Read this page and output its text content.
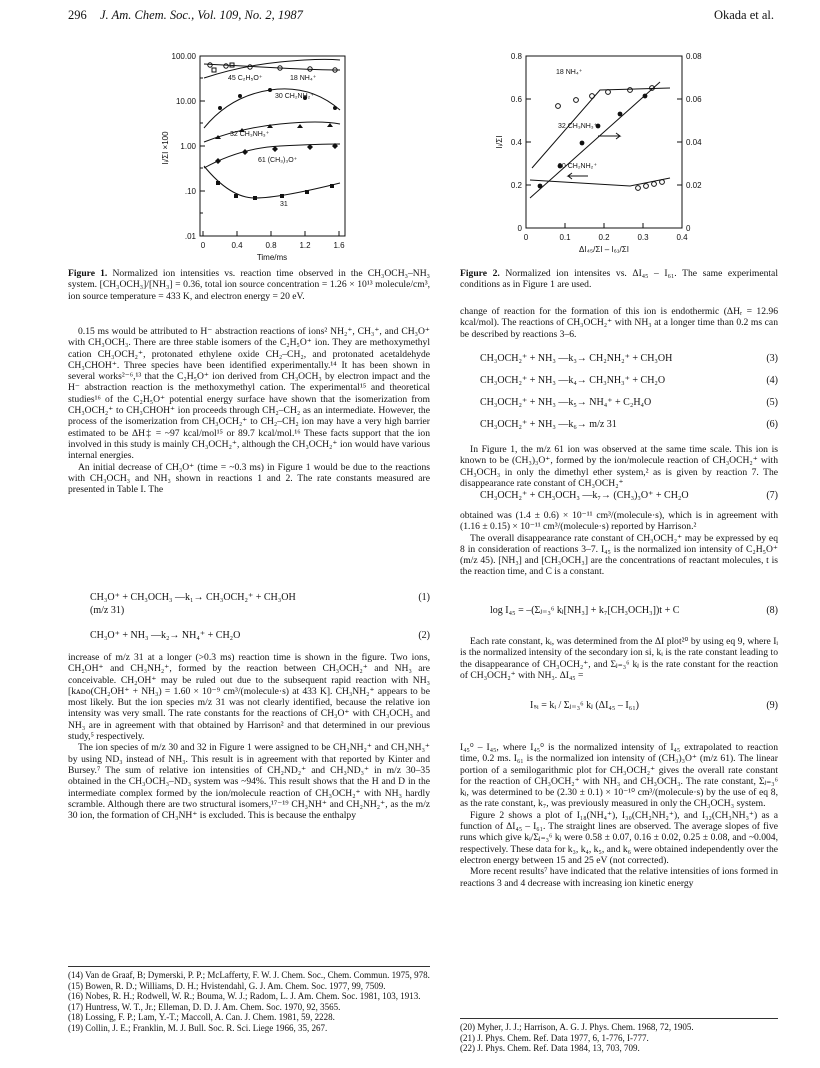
296 J. Am. Chem. Soc., Vol. 109, No. 2, 1987	Okada et al.
100.00
10.00
1.00
.10
.01
0	0.4	0.8	1.2	1.6
Time/ms
Iᵢ/ΣI ×100
45 C₂H₅O⁺	18 NH₄⁺
30 CH₂NH₂⁺
32 CH₃NH₃⁺
61 (CH₃)₃O⁺
31
Figure 1. Normalized ion intensities vs. reaction time observed in the CH₃OCH₃–NH₃ system. [CH₃OCH₃]/[NH₃] = 0.36, total ion source concentration = 1.26 × 10¹³ molecule/cm³, ion source temperature = 433 K, and electron energy = 20 eV.

0.15 ms would be attributed to H⁻ abstraction reactions of ions² NH₂⁺, CH₃⁺, and CH₃O⁺ with CH₃OCH₃. There are three stable isomers of the C₂H₅O⁺ ion. They are methoxymethyl cation CH₃OCH₂⁺, protonated ethylene oxide CH₂–CH₂, and protonated acetaldehyde CH₃CHOH⁺. Three species have been identified experimentally.¹⁴ It has been shown in several works²⁻⁶,¹³ that the C₂H₅O⁺ ion derived from CH₃OCH₃ by electron impact and the H⁻ abstraction reaction is the methoxymethyl cation. The experimental¹⁵ and theoretical studies¹⁶ of the C₂H₅O⁺ potential energy surface have shown that the isomerization from CH₃OCH₂⁺ to CH₃CHOH⁺ ion proceeds through CH₂–CH₂ as an intermediate. However, the process of the isomerization from CH₃OCH₂⁺ to CH₂–CH₂ ion may have a very high barrier estimated to be ΔH‡ = ~97 kcal/mol¹⁵ or 89.7 kcal/mol.¹⁶ These facts support that the ion involved in this study is mainly CH₃OCH₂⁺, although the CH₃OCH₂⁺ ion would have various internal energies.

An initial decrease of CH₃O⁺ (time = ~0.3 ms) in Figure 1 would be due to the reactions with CH₃OCH₃ and NH₃ shown in reactions 1 and 2. The rate constants measured are presented in Table I. The

CH₃O⁺ + CH₃OCH₃ —k₁→ CH₃OCH₂⁺ + CH₃OH	(1)
(m/z 31)
CH₃O⁺ + NH₃ —k₂→ NH₄⁺ + CH₂O	(2)

increase of m/z 31 at a longer (>0.3 ms) reaction time is shown in the figure. Two ions, CH₂OH⁺ and CH₃NH₂⁺, formed by the reaction between CH₃OCH₂⁺ and NH₃ are conceivable. CH₂OH⁺ may be ruled out due to the subsequent rapid reaction with NH₃ [kᴀᴅᴏ(CH₂OH⁺ + NH₃) = 1.60 × 10⁻⁹ cm³/(molecule·s) at 433 K]. CH₃NH₂⁺ appears to be most likely. But the ion species m/z 31 was not clearly identified, because the relative ion intensity was very small. The rate constants for the reactions of CH₃O⁺ with CH₃OCH₃ and NH₃ are in agreement with that obtained by Harrison² and that determined in our previous study,⁵ respectively.

The ion species of m/z 30 and 32 in Figure 1 were assigned to be CH₂NH₂⁺ and CH₃NH₃⁺ by using ND₃ instead of NH₃. This result is in agreement with that reported by Kinter and Bursey.⁷ The sum of relative ion intensities of CH₂ND₂⁺ and CH₃ND₃⁺ in m/z 30–35 obtained in the CH₃OCH₃–ND₃ system was ~94%. This result shows that the H and D in the intermediate complex formed by the ion/molecule reaction of CH₃OCH₂⁺ with NH₃ hardly scramble. Although there are two structural isomers,¹⁷⁻¹⁹ CH₃NH⁺ and CH₂NH₂⁺, as the m/z 30 ion, the formation of CH₃NH⁺ is excluded. This is because the enthalpy

(14) Van de Graaf, B; Dymerski, P. P.; McLafferty, F. W. J. Chem. Soc., Chem. Commun. 1975, 978.
(15) Bowen, R. D.; Williams, D. H.; Hvistendahl, G. J. Am. Chem. Soc. 1977, 99, 7509.
(16) Nobes, R. H.; Rodwell, W. R.; Bouma, W. J.; Radom, L. J. Am. Chem. Soc. 1981, 103, 1913.
(17) Huntress, W. T., Jr.; Elleman, D. D. J. Am. Chem. Soc. 1970, 92, 3565.
(18) Lossing, F. P.; Lam, Y.-T.; Maccoll, A. Can. J. Chem. 1981, 59, 2228.
(19) Collin, J. E.; Franklin, M. J. Bull. Soc. R. Sci. Liege 1966, 35, 267.
0.8
0.6
0.4
0.2
0
0.08
0.06
0.04
0.02
0
0	0.1	0.2	0.3	0.4
ΔI₄₅/ΣI – I₆₁/ΣI
Iᵢ/ΣI
18 NH₄⁺
32 CH₃NH₃⁺
30 CH₂NH₂⁺
Figure 2. Normalized ion intensites vs. ΔI₄₅ – I₆₁. The same experimental conditions as in Figure 1 are used.

change of reaction for the formation of this ion is endothermic (ΔHᵣ = 12.96 kcal/mol). The reactions of CH₃OCH₂⁺ with NH₃ at a longer time than 0.2 ms can be described by reactions 3–6.

CH₃OCH₂⁺ + NH₃ —k₃→ CH₂NH₂⁺ + CH₃OH	(3)
CH₃OCH₂⁺ + NH₃ —k₄→ CH₃NH₃⁺ + CH₂O	(4)
CH₃OCH₂⁺ + NH₃ —k₅→ NH₄⁺ + C₂H₄O	(5)
CH₃OCH₂⁺ + NH₃ —k₆→ m/z 31	(6)

In Figure 1, the m/z 61 ion was observed at the same time scale. This ion is known to be (CH₃)₃O⁺, formed by the ion/molecule reaction of CH₃OCH₂⁺ with CH₃OCH₃ in only the dimethyl ether system,² as is given by reaction 7. The disappearance rate constant of CH₃OCH₂⁺

CH₃OCH₂⁺ + CH₃OCH₃ —k₇→ (CH₃)₃O⁺ + CH₂O	(7)

obtained was (1.4 ± 0.6) × 10⁻¹¹ cm³/(molecule·s), which is in agreement with (1.16 ± 0.15) × 10⁻¹¹ cm³/(molecule·s) reported by Harrison.²

The overall disappearance rate constant of CH₃OCH₂⁺ may be expressed by eq 8 in consideration of reactions 3–7. I₄₅ is the normalized ion intensity of C₂H₅O⁺ (m/z 45). [NH₃] and [CH₃OCH₃] are the concentrations of reactant molecules, t is the reaction time, and C is a constant.

log I₄₅ = –(Σⱼ₌₃⁶ kⱼ[NH₃] + k₇[CH₃OCH₃])t + C	(8)

Each rate constant, kᵢ, was determined from the ΔI plot²⁰ by using eq 9, where Iᵢ is the normalized intensity of the secondary ion si, kᵢ is the rate constant leading to the disappearance of CH₃OCH₂⁺, and Σⱼ₌₃⁶ kⱼ is the rate constant for the reaction of CH₃OCH₂⁺ with NH₃. ΔI₄₅ =

Iₛᵢ = kᵢ / Σⱼ₌₃⁶ kⱼ (ΔI₄₅ – I₆₁)	(9)

I₄₅⁰ – I₄₅, where I₄₅⁰ is the normalized intensity of I₄₅ extrapolated to reaction time, 0.2 ms. I₆₁ is the normalized ion intensity of (CH₃)₃O⁺ (m/z 61). The linear portion of a semilogarithmic plot for CH₃OCH₂⁺ gives the overall rate constant for the reaction of CH₃OCH₂⁺ with NH₃ and CH₃OCH₃. The rate constant, Σⱼ₌₃⁶ kⱼ, was determined to be (2.30 ± 0.1) × 10⁻¹⁰ cm³/(molecule·s) by the use of eq 8, as the rate constant, k₇, was previously measured in only the CH₃OCH₃ system.

Figure 2 shows a plot of I₁₈(NH₄⁺), I₃₀(CH₂NH₂⁺), and I₃₂(CH₃NH₃⁺) as a function of ΔI₄₅ – I₆₁. The straight lines are observed. The average slopes of five runs which give kᵢ/Σⱼ₌₃⁶ kⱼ were 0.58 ± 0.07, 0.16 ± 0.02, 0.25 ± 0.08, and ~0.004, respectively. These data for k₃, k₄, k₅, and k₆ were obtained independently over the electron energy between 15 and 25 eV (not corrected).

More recent results⁷ have indicated that the relative intensities of ions formed in reactions 3 and 4 decrease with increasing ion kinetic energy

(20) Myher, J. J.; Harrison, A. G. J. Phys. Chem. 1968, 72, 1905.
(21) J. Phys. Chem. Ref. Data 1977, 6, 1-776, I-777.
(22) J. Phys. Chem. Ref. Data 1984, 13, 703, 709.
